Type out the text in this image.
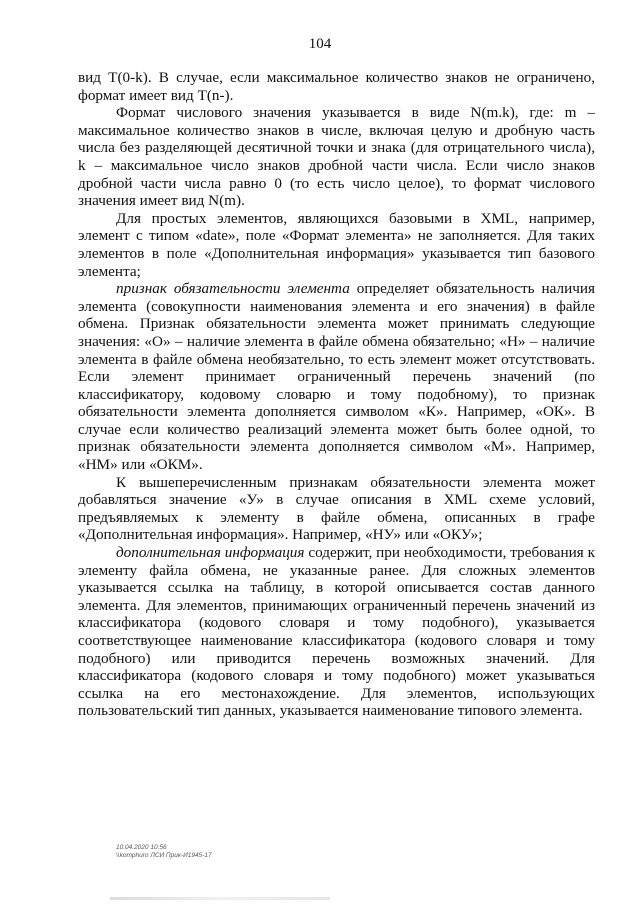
104

вид T(0-k). В случае, если максимальное количество знаков не ограничено, формат имеет вид T(n-).

Формат числового значения указывается в виде N(m.k), где: m – максимальное количество знаков в числе, включая целую и дробную часть числа без разделяющей десятичной точки и знака (для отрицательного числа), k – максимальное число знаков дробной части числа. Если число знаков дробной части числа равно 0 (то есть число целое), то формат числового значения имеет вид N(m).

Для простых элементов, являющихся базовыми в XML, например, элемент с типом «date», поле «Формат элемента» не заполняется. Для таких элементов в поле «Дополнительная информация» указывается тип базового элемента;

признак обязательности элемента определяет обязательность наличия элемента (совокупности наименования элемента и его значения) в файле обмена. Признак обязательности элемента может принимать следующие значения: «О» – наличие элемента в файле обмена обязательно; «Н» – наличие элемента в файле обмена необязательно, то есть элемент может отсутствовать. Если элемент принимает ограниченный перечень значений (по классификатору, кодовому словарю и тому подобному), то признак обязательности элемента дополняется символом «К». Например, «ОК». В случае если количество реализаций элемента может быть более одной, то признак обязательности элемента дополняется символом «М». Например, «НМ» или «ОКМ».

К вышеперечисленным признакам обязательности элемента может добавляться значение «У» в случае описания в XML схеме условий, предъявляемых к элементу в файле обмена, описанных в графе «Дополнительная информация». Например, «НУ» или «ОКУ»;

дополнительная информация содержит, при необходимости, требования к элементу файла обмена, не указанные ранее. Для сложных элементов указывается ссылка на таблицу, в которой описывается состав данного элемента. Для элементов, принимающих ограниченный перечень значений из классификатора (кодового словаря и тому подобного), указывается соответствующее наименование классификатора (кодового словаря и тому подобного) или приводится перечень возможных значений. Для классификатора (кодового словаря и тому подобного) может указываться ссылка на его местонахождение. Для элементов, использующих пользовательский тип данных, указывается наименование типового элемента.

10.04.2020 10:56
\\komphuro ЛСИ Прик-И1945-17
